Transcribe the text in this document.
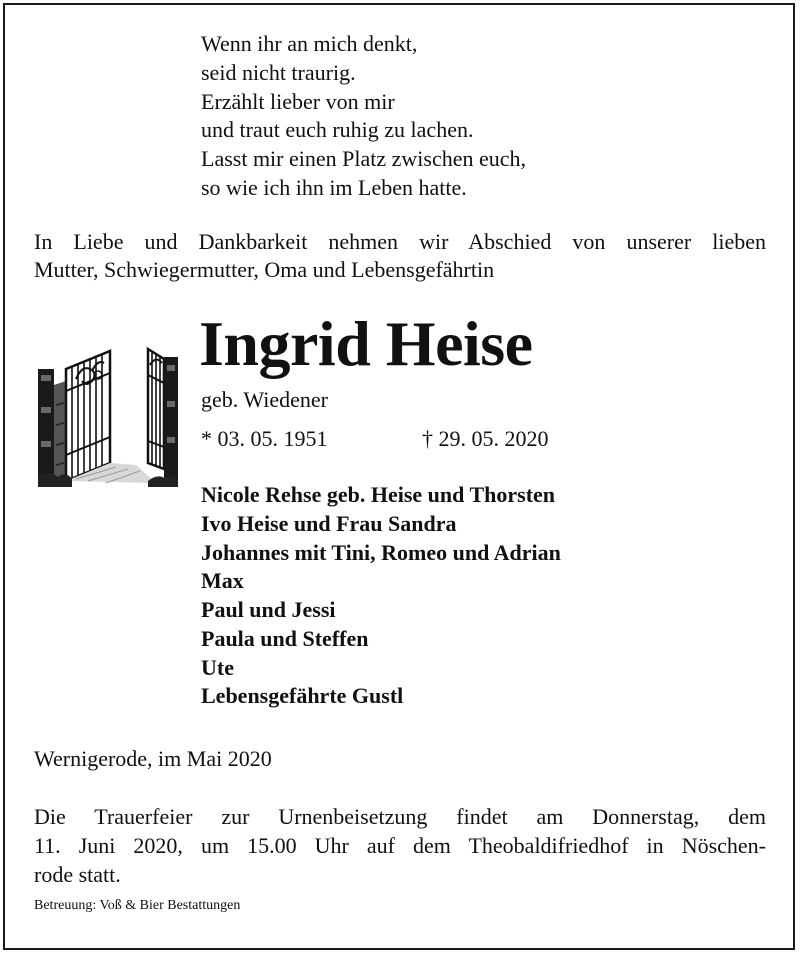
Wenn ihr an mich denkt,
seid nicht traurig.
Erzählt lieber von mir
und traut euch ruhig zu lachen.
Lasst mir einen Platz zwischen euch,
so wie ich ihn im Leben hatte.
In Liebe und Dankbarkeit nehmen wir Abschied von unserer lieben
Mutter, Schwiegermutter, Oma und Lebensgefährtin
Ingrid Heise
geb. Wiedener
* 03. 05. 1951	† 29. 05. 2020
Nicole Rehse geb. Heise und Thorsten
Ivo Heise und Frau Sandra
Johannes mit Tini, Romeo und Adrian
Max
Paul und Jessi
Paula und Steffen
Ute
Lebensgefährte Gustl
Wernigerode, im Mai 2020
Die Trauerfeier zur Urnenbeisetzung findet am Donnerstag, dem
11. Juni 2020, um 15.00 Uhr auf dem Theobaldifriedhof in Nöschen-
rode statt.
Betreuung: Voß & Bier Bestattungen
